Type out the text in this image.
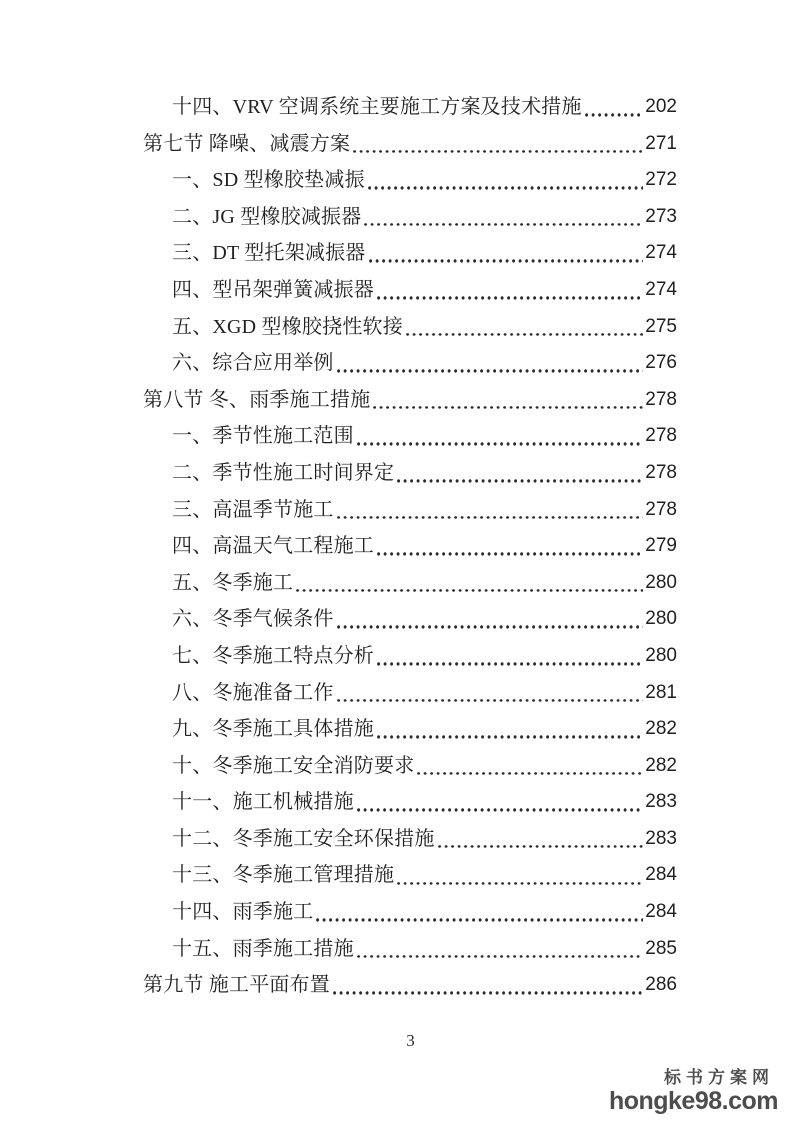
十四、VRV 空调系统主要施工方案及技术措施	202
第七节 降噪、减震方案	271
一、SD 型橡胶垫减振	272
二、JG 型橡胶减振器	273
三、DT 型托架减振器	274
四、型吊架弹簧减振器	274
五、XGD 型橡胶挠性软接	275
六、综合应用举例	276
第八节 冬、雨季施工措施	278
一、季节性施工范围	278
二、季节性施工时间界定	278
三、高温季节施工	278
四、高温天气工程施工	279
五、冬季施工	280
六、冬季气候条件	280
七、冬季施工特点分析	280
八、冬施准备工作	281
九、冬季施工具体措施	282
十、冬季施工安全消防要求	282
十一、施工机械措施	283
十二、冬季施工安全环保措施	283
十三、冬季施工管理措施	284
十四、雨季施工	284
十五、雨季施工措施	285
第九节 施工平面布置	286
3
标书方案网
hongke98.com
